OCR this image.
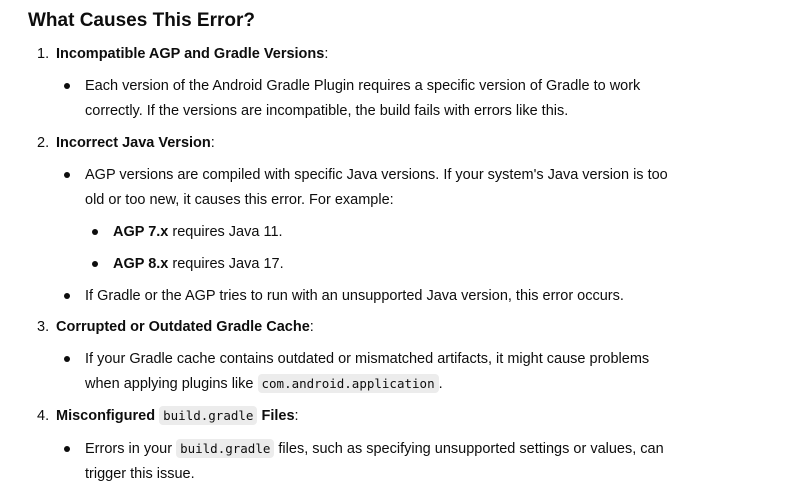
What Causes This Error?
1. Incompatible AGP and Gradle Versions:
Each version of the Android Gradle Plugin requires a specific version of Gradle to work
correctly. If the versions are incompatible, the build fails with errors like this.
2. Incorrect Java Version:
AGP versions are compiled with specific Java versions. If your system's Java version is too
old or too new, it causes this error. For example:
AGP 7.x requires Java 11.
AGP 8.x requires Java 17.
If Gradle or the AGP tries to run with an unsupported Java version, this error occurs.
3. Corrupted or Outdated Gradle Cache:
If your Gradle cache contains outdated or mismatched artifacts, it might cause problems
when applying plugins like com.android.application .
4. Misconfigured build.gradle Files:
Errors in your build.gradle files, such as specifying unsupported settings or values, can
trigger this issue.
